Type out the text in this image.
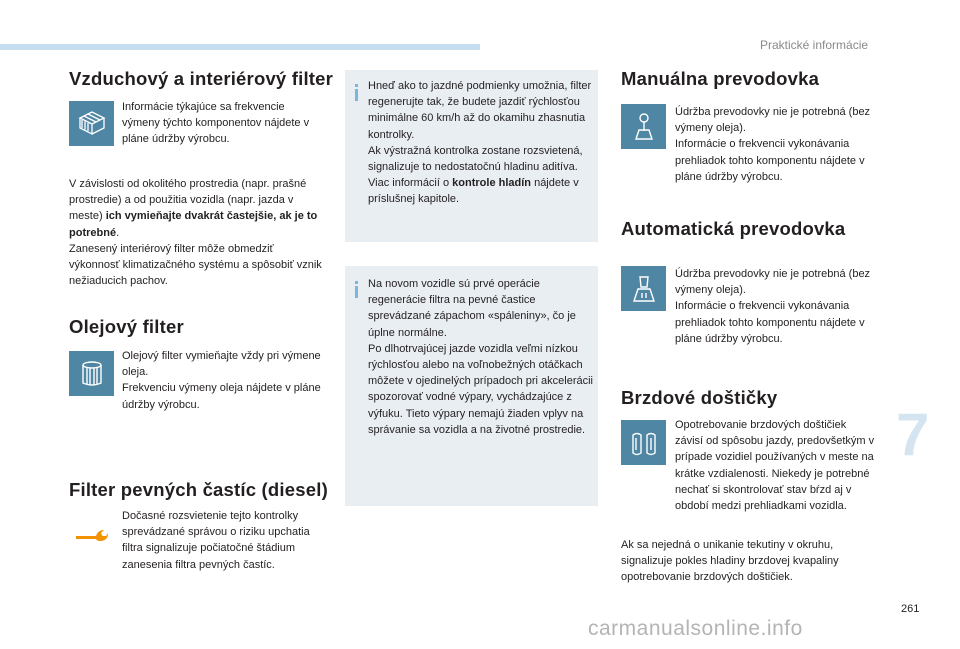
Praktické informácie
Vzduchový a interiérový filter
Informácie týkajúce sa frekvencie výmeny týchto komponentov nájdete v pláne údržby výrobcu.
V závislosti od okolitého prostredia (napr. prašné prostredie) a od použitia vozidla (napr. jazda v meste) ich vymieňajte dvakrát častejšie, ak je to potrebné.
Zanesený interiérový filter môže obmedziť výkonnosť klimatizačného systému a spôsobiť vznik nežiaducich pachov.
Olejový filter
Olejový filter vymieňajte vždy pri výmene oleja.
Frekvenciu výmeny oleja nájdete v pláne údržby výrobcu.
Filter pevných častíc (diesel)
Dočasné rozsvietenie tejto kontrolky sprevádzané správou o riziku upchatia filtra signalizuje počiatočné štádium zanesenia filtra pevných častíc.
Hneď ako to jazdné podmienky umožnia, filter regenerujte tak, že budete jazdiť rýchlosťou minimálne 60 km/h až do okamihu zhasnutia kontrolky.
Ak výstražná kontrolka zostane rozsvietená, signalizuje to nedostatočnú hladinu aditíva.
Viac informácií o kontrole hladín nájdete v príslušnej kapitole.
Na novom vozidle sú prvé operácie regenerácie filtra na pevné častice sprevádzané zápachom «spáleniny», čo je úplne normálne.
Po dlhotrvajúcej jazde vozidla veľmi nízkou rýchlosťou alebo na voľnobežných otáčkach môžete v ojedinelých prípadoch pri akcelerácii spozorovať vodné výpary, vychádzajúce z výfuku. Tieto výpary nemajú žiaden vplyv na správanie sa vozidla a na životné prostredie.
Manuálna prevodovka
Údržba prevodovky nie je potrebná (bez výmeny oleja).
Informácie o frekvencii vykonávania prehliadok tohto komponentu nájdete v pláne údržby výrobcu.
Automatická prevodovka
Údržba prevodovky nie je potrebná (bez výmeny oleja).
Informácie o frekvencii vykonávania prehliadok tohto komponentu nájdete v pláne údržby výrobcu.
Brzdové doštičky
Opotrebovanie brzdových doštičiek závisí od spôsobu jazdy, predovšetkým v prípade vozidiel používaných v meste na krátke vzdialenosti. Niekedy je potrebné nechať si skontrolovať stav bŕzd aj v období medzi prehliadkami vozidla.
Ak sa nejedná o unikanie tekutiny v okruhu, signalizuje pokles hladiny brzdovej kvapaliny opotrebovanie brzdových doštičiek.
7
261
carmanualsonline.info
